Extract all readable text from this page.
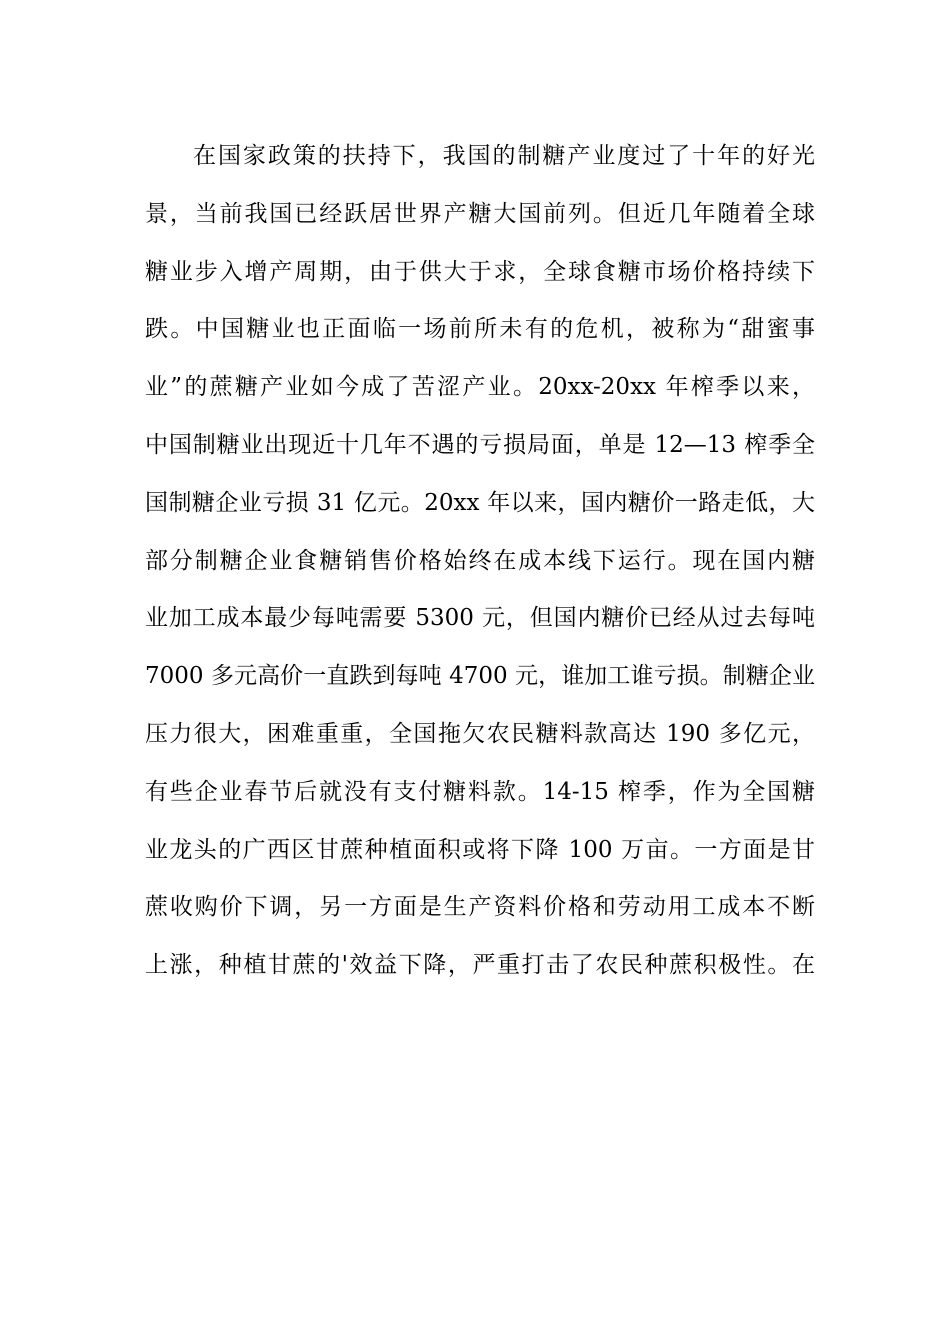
在国家政策的扶持下，我国的制糖产业度过了十年的好光
景，当前我国已经跃居世界产糖大国前列。但近几年随着全球
糖业步入增产周期，由于供大于求，全球食糖市场价格持续下
跌。中国糖业也正面临一场前所未有的危机，被称为“甜蜜事
业”的蔗糖产业如今成了苦涩产业。20xx-20xx 年榨季以来，
中国制糖业出现近十几年不遇的亏损局面，单是 12—13 榨季全
国制糖企业亏损 31 亿元。20xx 年以来，国内糖价一路走低，大
部分制糖企业食糖销售价格始终在成本线下运行。现在国内糖
业加工成本最少每吨需要 5300 元，但国内糖价已经从过去每吨
7000 多元高价一直跌到每吨 4700 元，谁加工谁亏损。制糖企业
压力很大，困难重重，全国拖欠农民糖料款高达 190 多亿元，
有些企业春节后就没有支付糖料款。14-15 榨季，作为全国糖
业龙头的广西区甘蔗种植面积或将下降 100 万亩。一方面是甘
蔗收购价下调，另一方面是生产资料价格和劳动用工成本不断
上涨，种植甘蔗的'效益下降，严重打击了农民种蔗积极性。在
